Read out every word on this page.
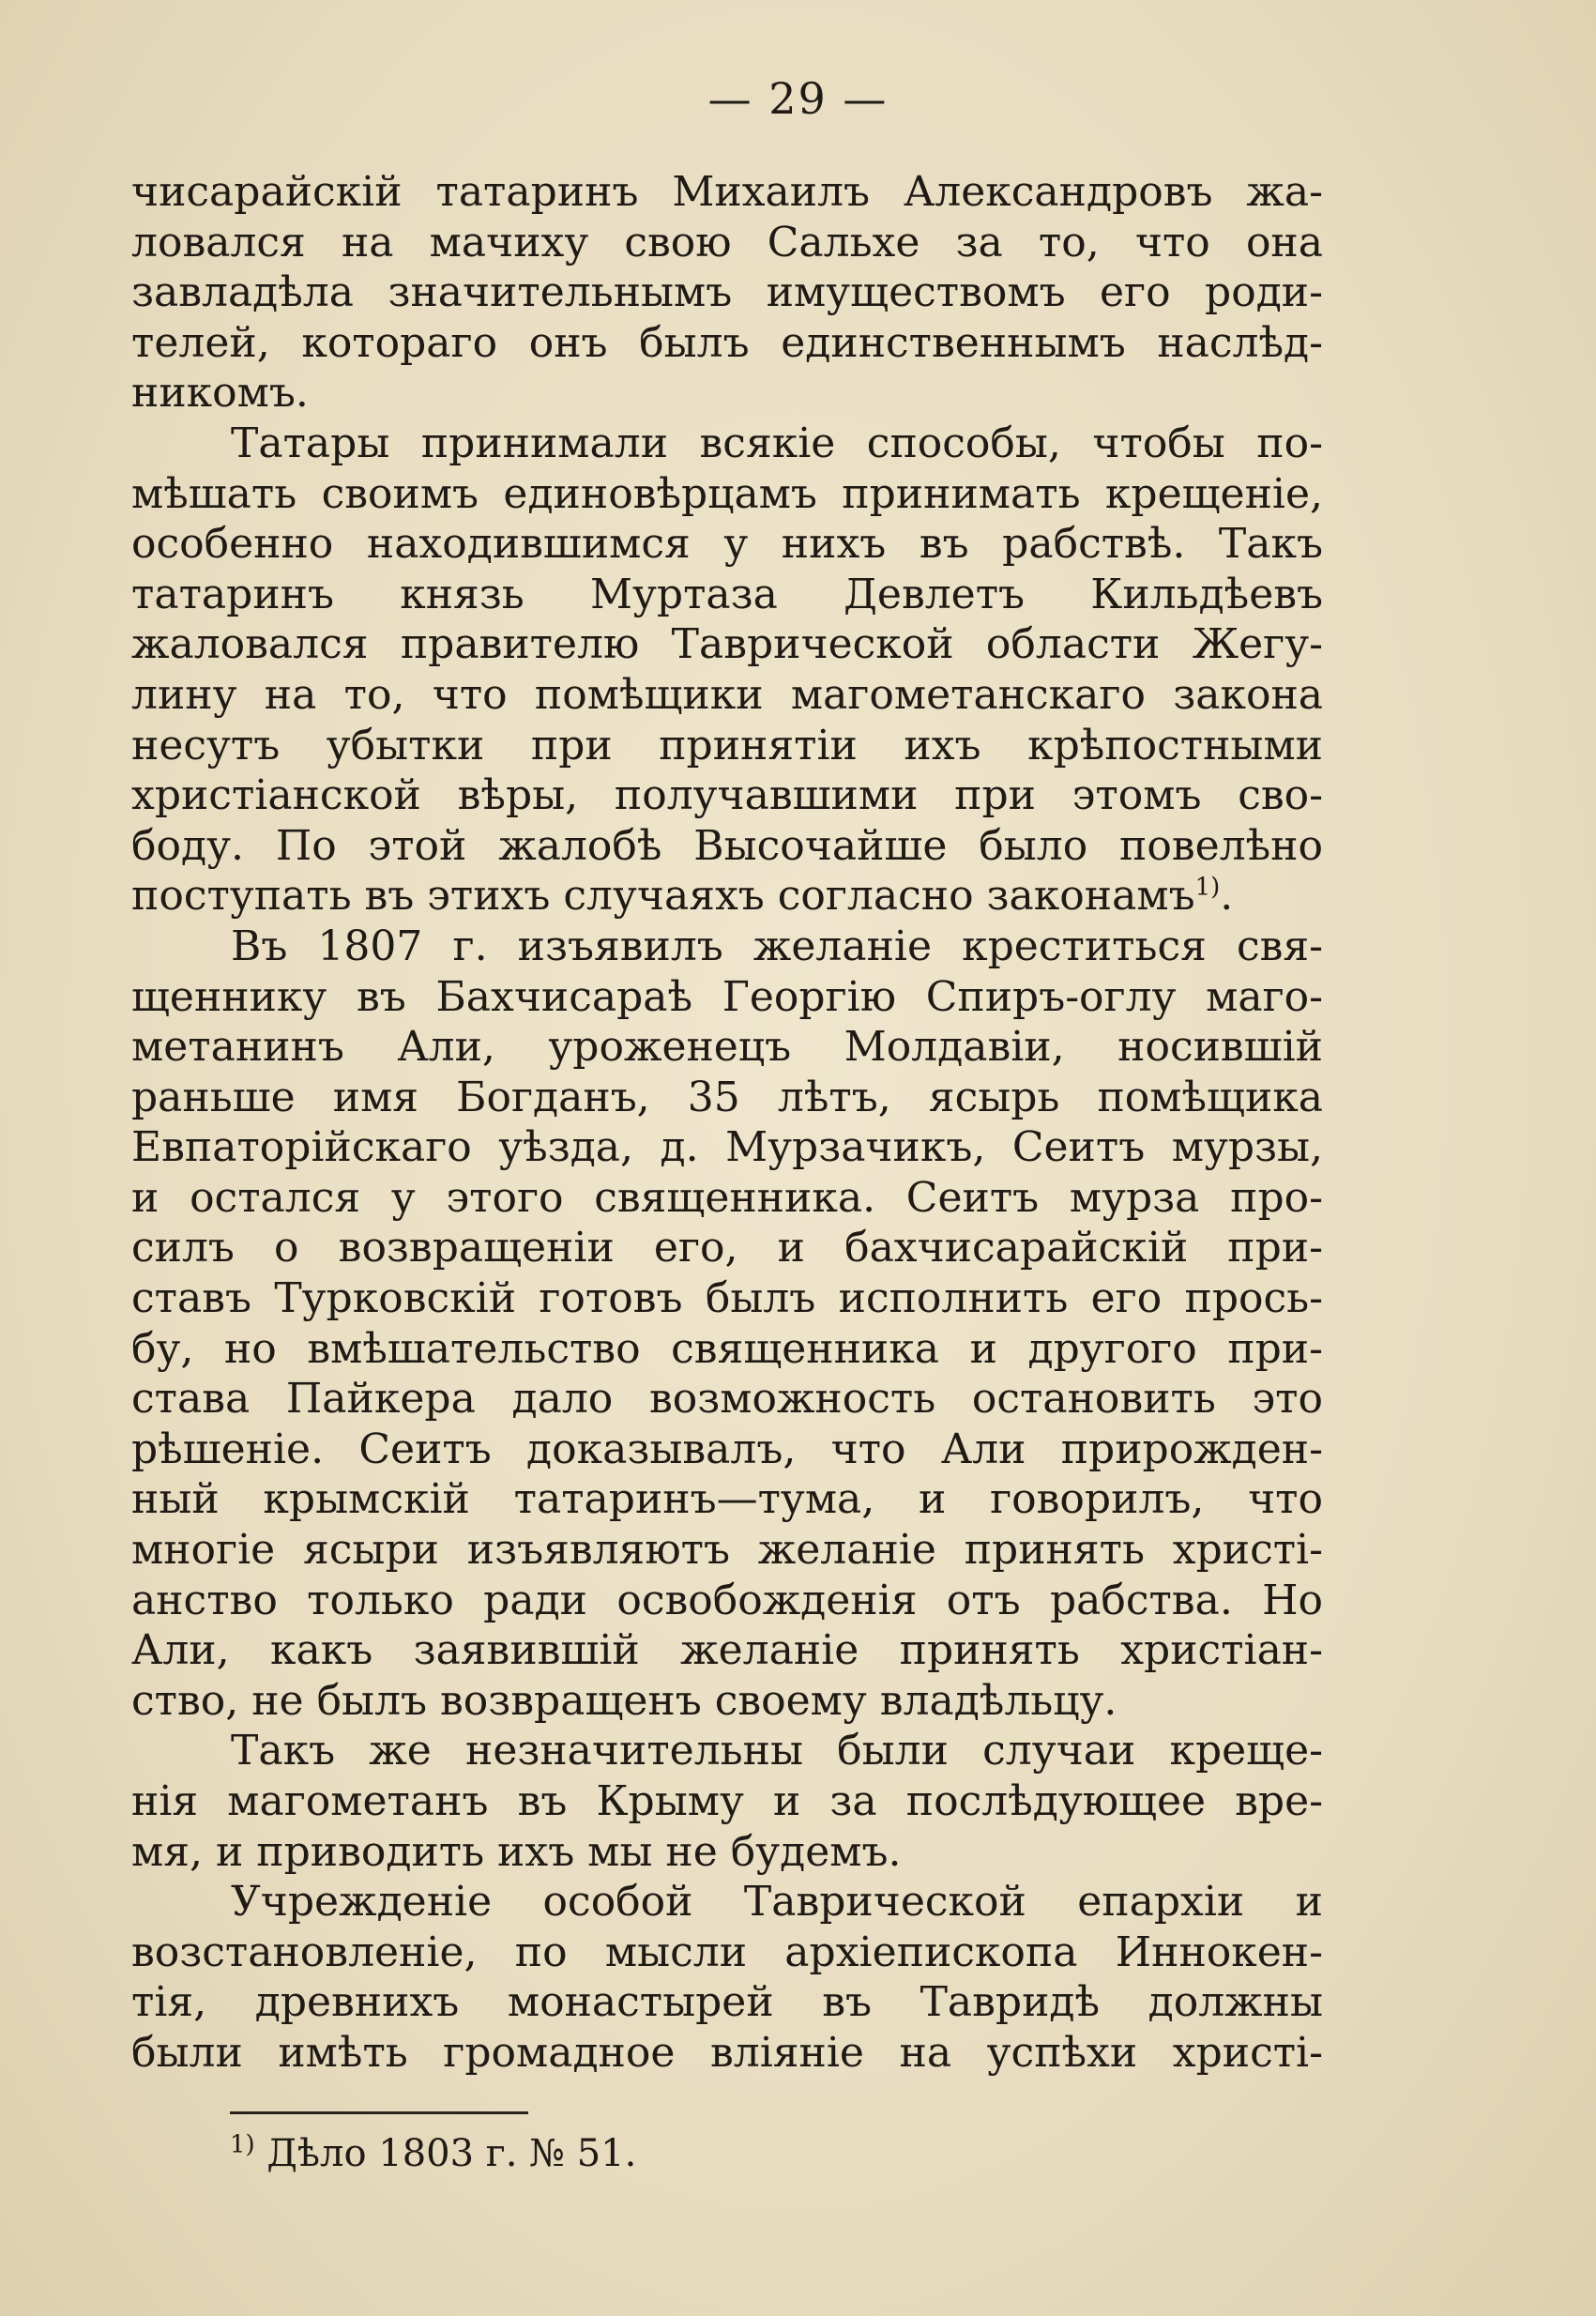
— 29 —
чисарайскій татаринъ Михаилъ Александровъ жа-
ловался на мачиху свою Сальхе за то, что она
завладѣла значительнымъ имуществомъ его роди-
телей, котораго онъ былъ единственнымъ наслѣд-
никомъ.
Татары принимали всякіе способы, чтобы по-
мѣшать своимъ единовѣрцамъ принимать крещеніе,
особенно находившимся у нихъ въ рабствѣ. Такъ
татаринъ князь Муртаза Девлетъ Кильдѣевъ
жаловался правителю Таврической области Жегу-
лину на то, что помѣщики магометанскаго закона
несутъ убытки при принятіи ихъ крѣпостными
христіанской вѣры, получавшими при этомъ сво-
боду. По этой жалобѣ Высочайше было повелѣно
поступать въ этихъ случаяхъ согласно законамъ$^{1)}$.
Въ 1807 г. изъявилъ желаніе креститься свя-
щеннику въ Бахчисараѣ Георгію Спиръ-оглу маго-
метанинъ Али, уроженецъ Молдавіи, носившій
раньше имя Богданъ, 35 лѣтъ, ясырь помѣщика
Евпаторійскаго уѣзда, д. Мурзачикъ, Сеитъ мурзы,
и остался у этого священника. Сеитъ мурза про-
силъ о возвращеніи его, и бахчисарайскій при-
ставъ Турковскій готовъ былъ исполнить его прось-
бу, но вмѣшательство священника и другого при-
става Пайкера дало возможность остановить это
рѣшеніе. Сеитъ доказывалъ, что Али прирожден-
ный крымскій татаринъ—тума, и говорилъ, что
многіе ясыри изъявляютъ желаніе принять христі-
анство только ради освобожденія отъ рабства. Но
Али, какъ заявившій желаніе принять христіан-
ство, не былъ возвращенъ своему владѣльцу.
Такъ же незначительны были случаи креще-
нія магометанъ въ Крыму и за послѣдующее вре-
мя, и приводить ихъ мы не будемъ.
Учрежденіе особой Таврической епархіи и
возстановленіе, по мысли архіепископа Иннокен-
тія, древнихъ монастырей въ Тавридѣ должны
были имѣть громадное вліяніе на успѣхи христі-
$^{1)}$ Дѣло 1803 г. № 51.
